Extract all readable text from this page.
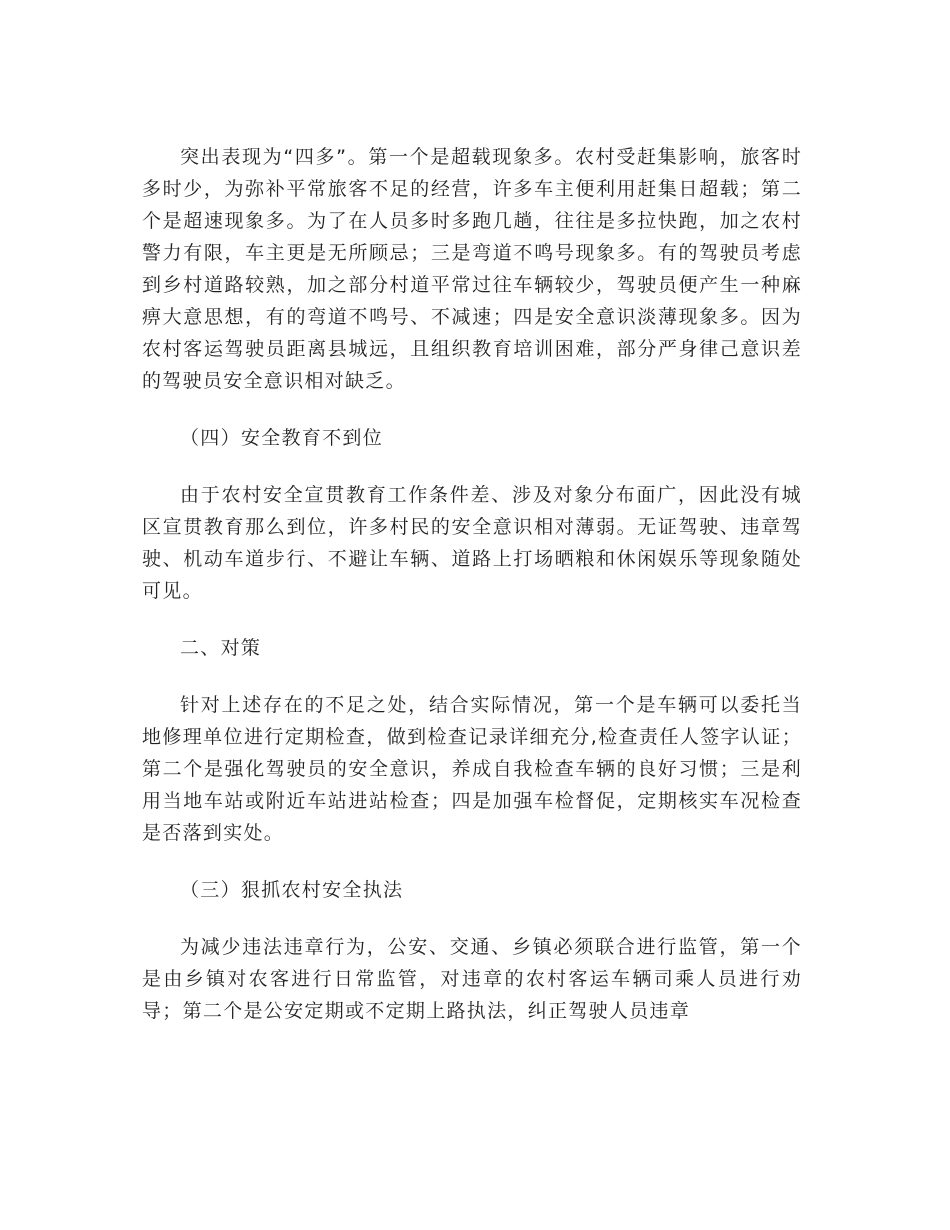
突出表现为“四多”。第一个是超载现象多。农村受赶集影响，旅客时多时少，为弥补平常旅客不足的经营，许多车主便利用赶集日超载；第二个是超速现象多。为了在人员多时多跑几趟，往往是多拉快跑，加之农村警力有限，车主更是无所顾忌；三是弯道不鸣号现象多。有的驾驶员考虑到乡村道路较熟，加之部分村道平常过往车辆较少，驾驶员便产生一种麻痹大意思想，有的弯道不鸣号、不减速；四是安全意识淡薄现象多。因为农村客运驾驶员距离县城远，且组织教育培训困难，部分严身律己意识差的驾驶员安全意识相对缺乏。

（四）安全教育不到位

由于农村安全宣贯教育工作条件差、涉及对象分布面广，因此没有城区宣贯教育那么到位，许多村民的安全意识相对薄弱。无证驾驶、违章驾驶、机动车道步行、不避让车辆、道路上打场晒粮和休闲娱乐等现象随处可见。

二、对策

针对上述存在的不足之处，结合实际情况，第一个是车辆可以委托当地修理单位进行定期检查，做到检查记录详细充分,检查责任人签字认证；第二个是强化驾驶员的安全意识，养成自我检查车辆的良好习惯；三是利用当地车站或附近车站进站检查；四是加强车检督促，定期核实车况检查是否落到实处。

（三）狠抓农村安全执法

为减少违法违章行为，公安、交通、乡镇必须联合进行监管，第一个是由乡镇对农客进行日常监管，对违章的农村客运车辆司乘人员进行劝导；第二个是公安定期或不定期上路执法，纠正驾驶人员违章
